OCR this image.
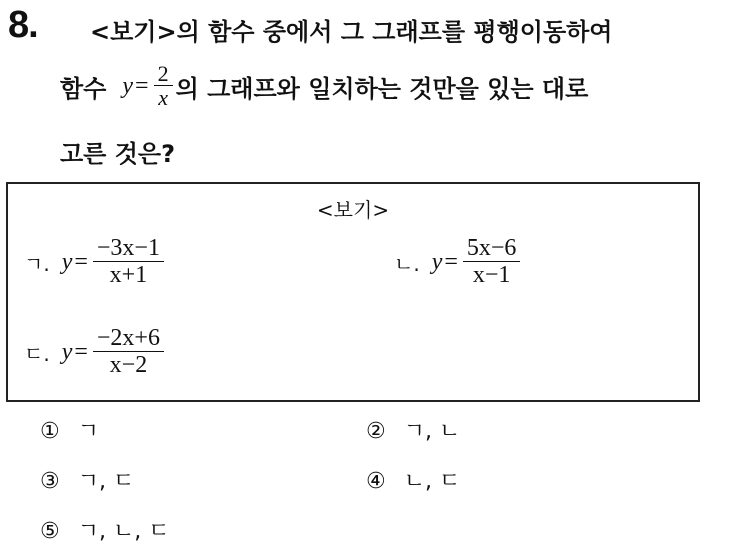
8. <보기>의 함수 중에서 그 그래프를 평행이동하여
함수 $y = \frac{2}{x}$ 의 그래프와 일치하는 것만을 있는 대로
고른 것은?
<보기>
ㄱ. $y = \frac{-3x-1}{x+1}$	ㄴ. $y = \frac{5x-6}{x-1}$
ㄷ. $y = \frac{-2x+6}{x-2}$
① ㄱ	② ㄱ, ㄴ
③ ㄱ, ㄷ	④ ㄴ, ㄷ
⑤ ㄱ, ㄴ, ㄷ
